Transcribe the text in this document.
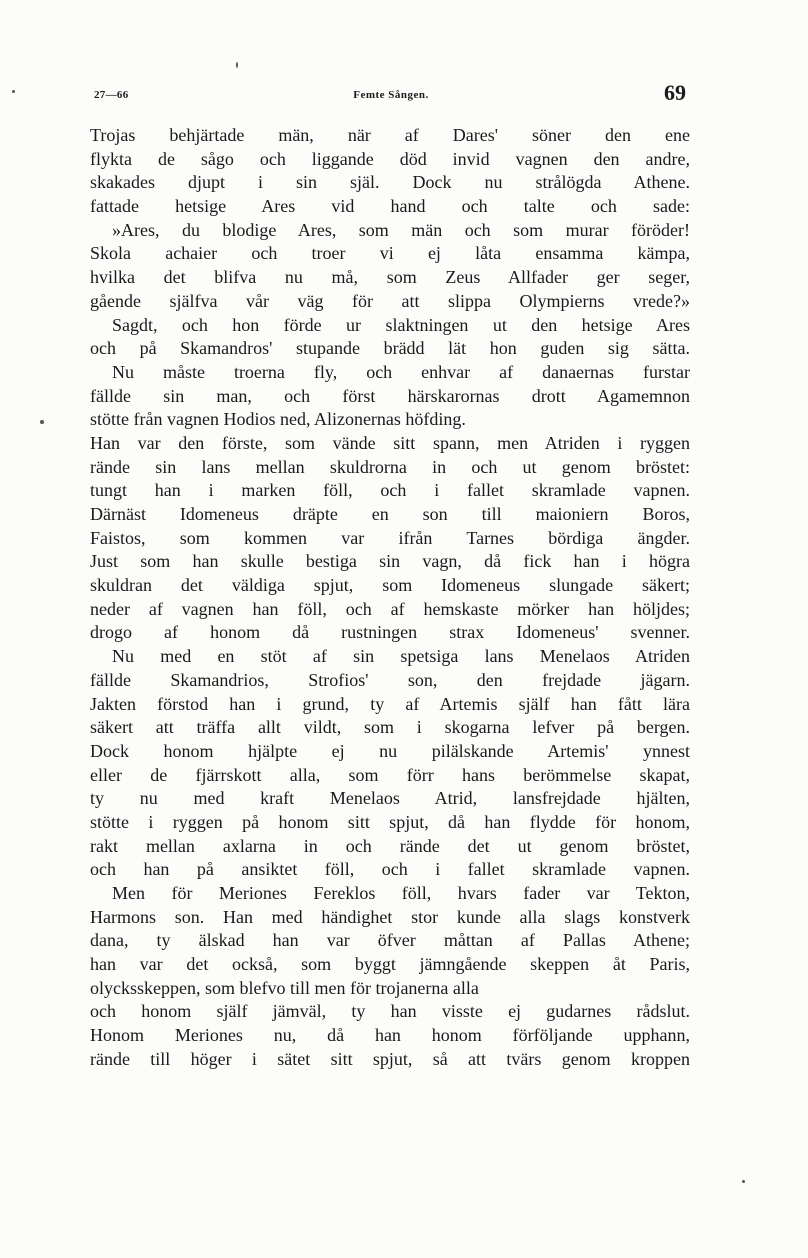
27—66	Femte Sången.	69
Trojas behjärtade män, när af Dares' söner den ene
flykta de sågo och liggande död invid vagnen den andre,
skakades djupt i sin själ. Dock nu strålögda Athene.
fattade hetsige Ares vid hand och talte och sade:
»Ares, du blodige Ares, som män och som murar föröder!
Skola achaier och troer vi ej låta ensamma kämpa,
hvilka det blifva nu må, som Zeus Allfader ger seger,
gående själfva vår väg för att slippa Olympierns vrede?»
Sagdt, och hon förde ur slaktningen ut den hetsige Ares
och på Skamandros' stupande brädd lät hon guden sig sätta.
Nu måste troerna fly, och enhvar af danaernas furstar
fällde sin man, och först härskarornas drott Agamemnon
stötte från vagnen Hodios ned, Alizonernas höfding.
Han var den förste, som vände sitt spann, men Atriden i ryggen
rände sin lans mellan skuldrorna in och ut genom bröstet:
tungt han i marken föll, och i fallet skramlade vapnen.
Därnäst Idomeneus dräpte en son till maioniern Boros,
Faistos, som kommen var ifrån Tarnes bördiga ängder.
Just som han skulle bestiga sin vagn, då fick han i högra
skuldran det väldiga spjut, som Idomeneus slungade säkert;
neder af vagnen han föll, och af hemskaste mörker han höljdes;
drogo af honom då rustningen strax Idomeneus' svenner.
Nu med en stöt af sin spetsiga lans Menelaos Atriden
fällde Skamandrios, Strofios' son, den frejdade jägarn.
Jakten förstod han i grund, ty af Artemis själf han fått lära
säkert att träffa allt vildt, som i skogarna lefver på bergen.
Dock honom hjälpte ej nu pilälskande Artemis' ynnest
eller de fjärrskott alla, som förr hans berömmelse skapat,
ty nu med kraft Menelaos Atrid, lansfrejdade hjälten,
stötte i ryggen på honom sitt spjut, då han flydde för honom,
rakt mellan axlarna in och rände det ut genom bröstet,
och han på ansiktet föll, och i fallet skramlade vapnen.
Men för Meriones Fereklos föll, hvars fader var Tekton,
Harmons son. Han med händighet stor kunde alla slags konstverk
dana, ty älskad han var öfver måttan af Pallas Athene;
han var det också, som byggt jämngående skeppen åt Paris,
olycksskeppen, som blefvo till men för trojanerna alla
och honom själf jämväl, ty han visste ej gudarnes rådslut.
Honom Meriones nu, då han honom förföljande upphann,
rände till höger i sätet sitt spjut, så att tvärs genom kroppen
